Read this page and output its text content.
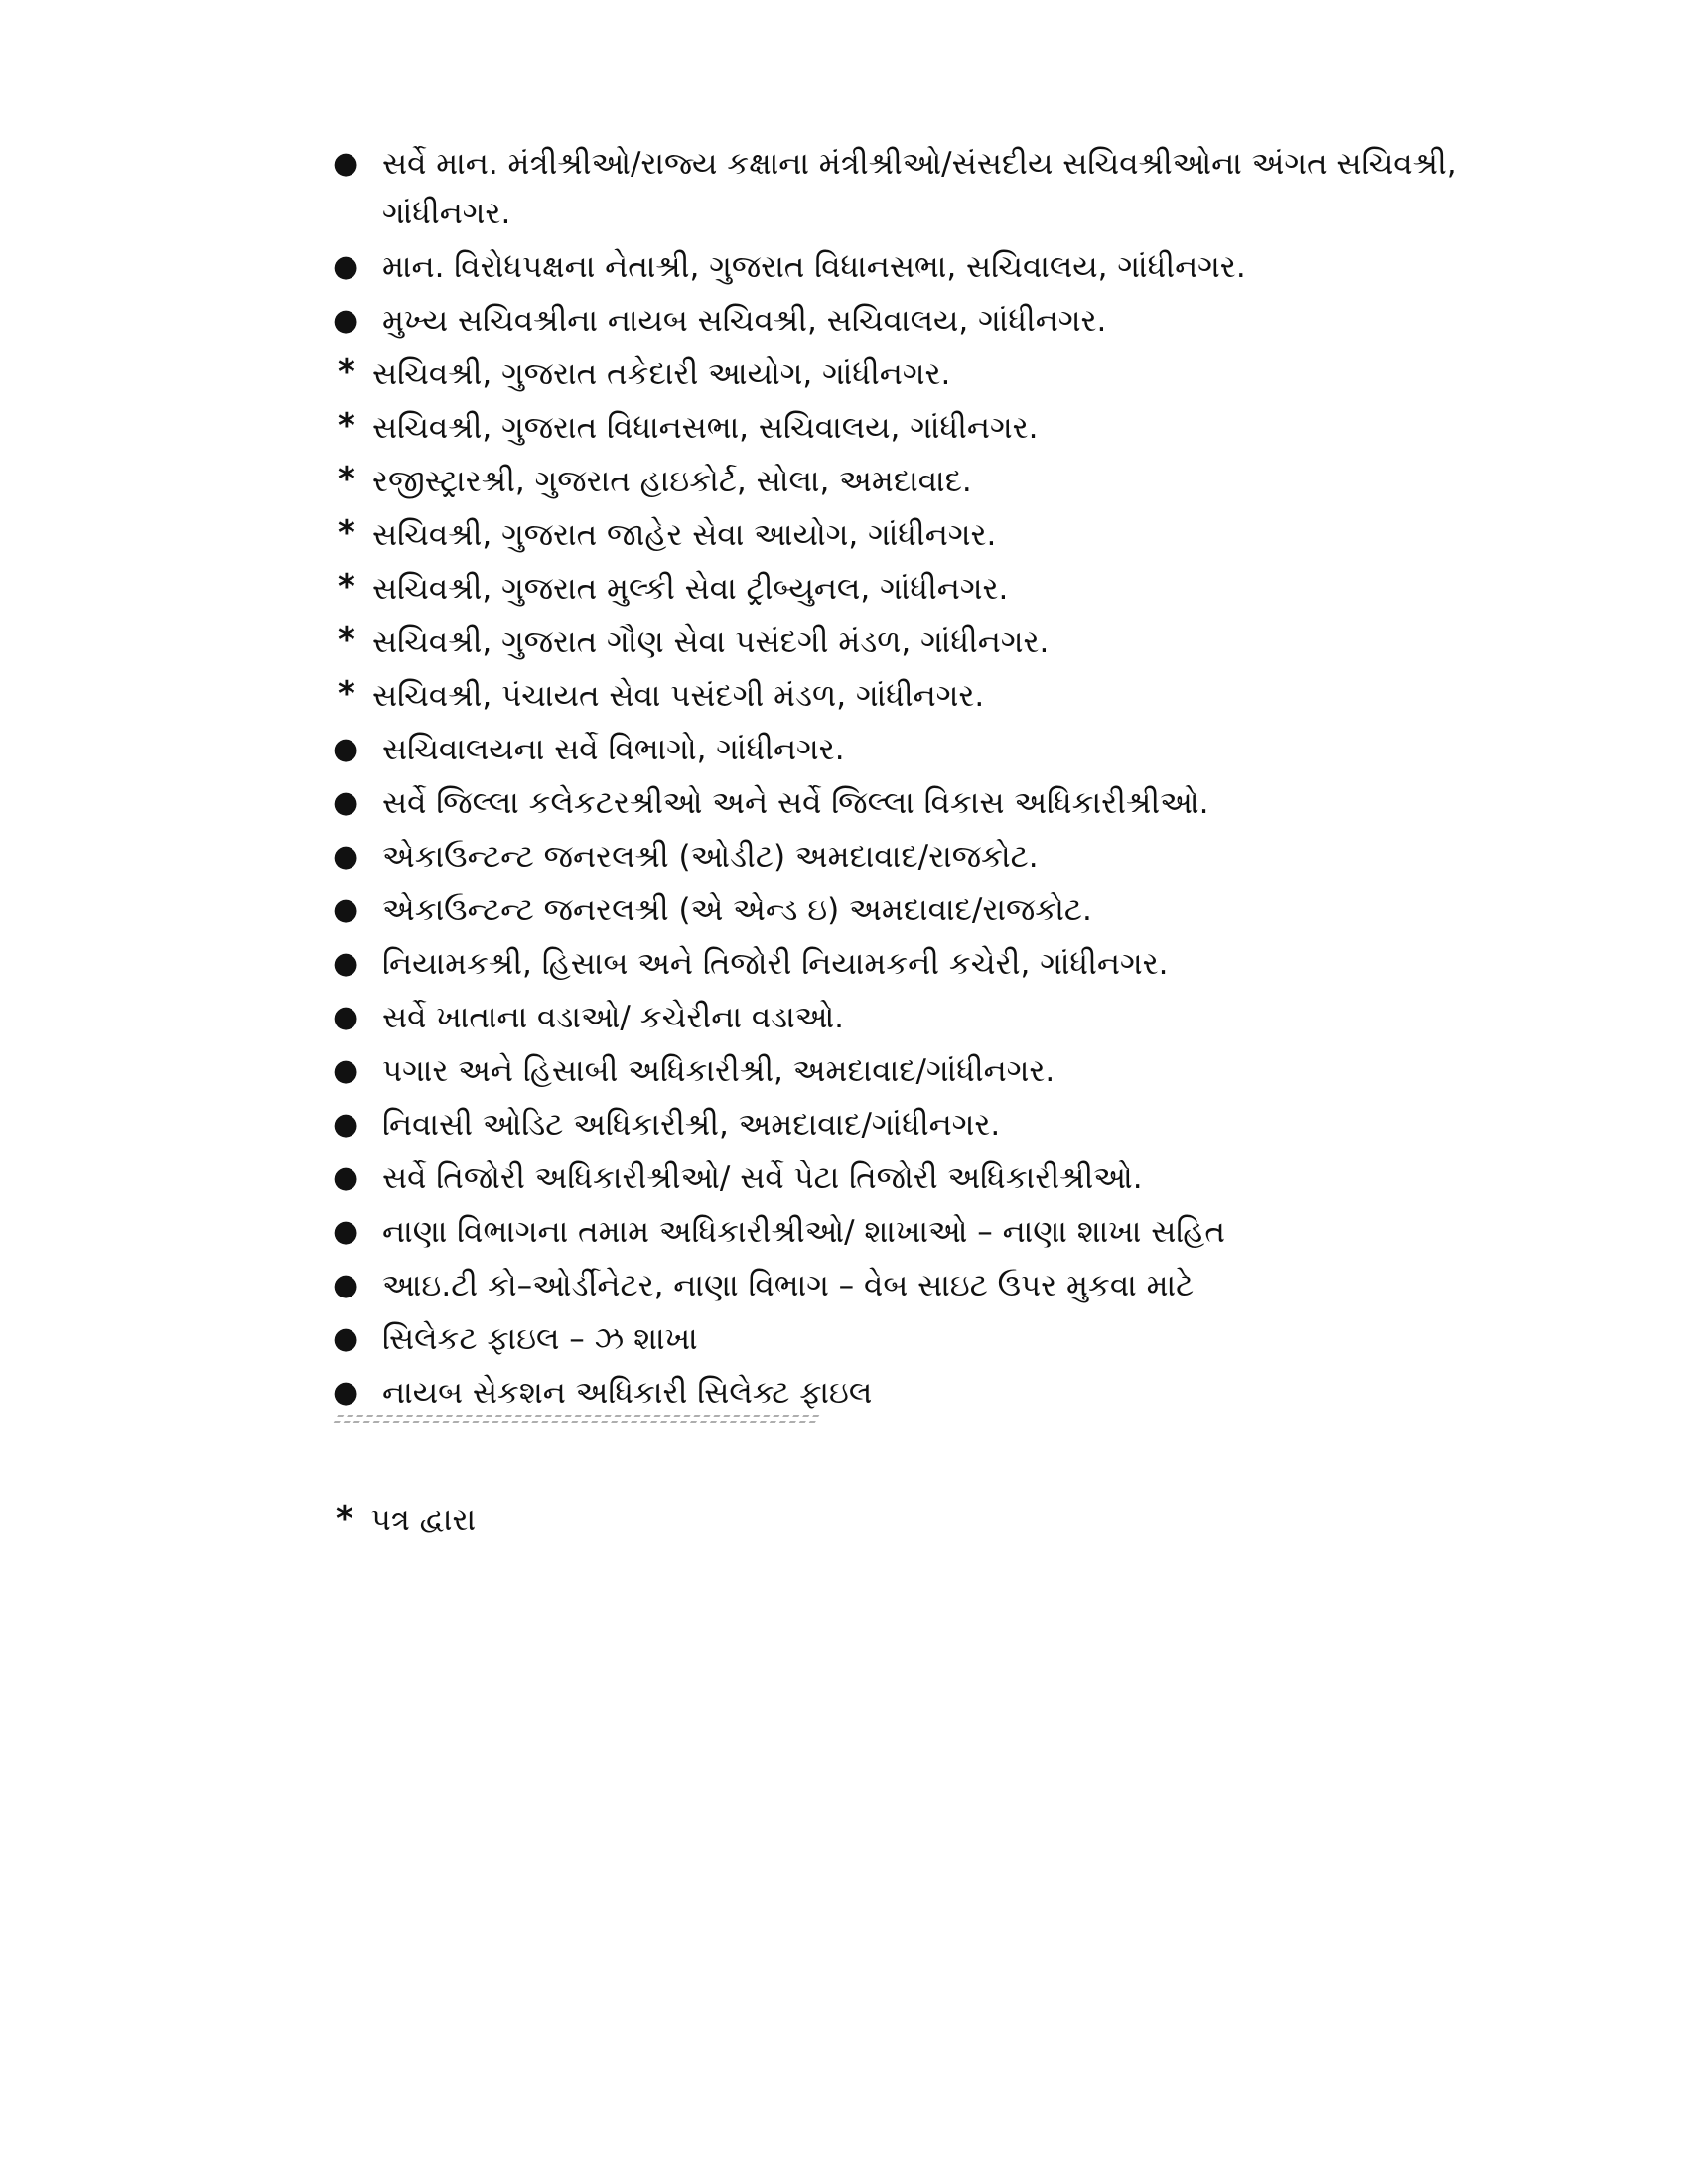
● સર્વે માન. મંત્રીશ્રીઓ/રાજ્ય કક્ષાના મંત્રીશ્રીઓ/સંસદીય સચિવશ્રીઓના અંગત સચિવશ્રી, ગાંધીનગર.
● માન. વિરોધપક્ષના નેતાશ્રી, ગુજરાત વિધાનસભા, સચિવાલય, ગાંધીનગર.
● મુખ્ય સચિવશ્રીના નાયબ સચિવશ્રી, સચિવાલય, ગાંધીનગર.
* સચિવશ્રી, ગુજરાત તકેદારી આયોગ, ગાંધીનગર.
* સચિવશ્રી, ગુજરાત વિધાનસભા, સચિવાલય, ગાંધીનગર.
* રજીસ્ટ્રારશ્રી, ગુજરાત હાઇકોર્ટ, સોલા, અમદાવાદ.
* સચિવશ્રી, ગુજરાત જાહેર સેવા આયોગ, ગાંધીનગર.
* સચિવશ્રી, ગુજરાત મુલ્કી સેવા ટ્રીબ્યુનલ, ગાંધીનગર.
* સચિવશ્રી, ગુજરાત ગૌણ સેવા પસંદગી મંડળ, ગાંધીનગર.
* સચિવશ્રી, પંચાયત સેવા પસંદગી મંડળ, ગાંધીનગર.
● સચિવાલયના સર્વે વિભાગો, ગાંધીનગર.
● સર્વે જિલ્લા કલેકટરશ્રીઓ અને સર્વે જિલ્લા વિકાસ અધિકારીશ્રીઓ.
● એકાઉન્ટન્ટ જનરલશ્રી (ઓડીટ) અમદાવાદ/રાજકોટ.
● એકાઉન્ટન્ટ જનરલશ્રી (એ એન્ડ ઇ) અમદાવાદ/રાજકોટ.
● નિયામકશ્રી, હિસાબ અને તિજોરી નિયામકની કચેરી, ગાંધીનગર.
● સર્વે ખાતાના વડાઓ/ કચેરીના વડાઓ.
● પગાર અને હિસાબી અધિકારીશ્રી, અમદાવાદ/ગાંધીનગર.
● નિવાસી ઓડિટ અધિકારીશ્રી, અમદાવાદ/ગાંધીનગર.
● સર્વે તિજોરી અધિકારીશ્રીઓ/ સર્વે પેટા તિજોરી અધિકારીશ્રીઓ.
● નાણા વિભાગના તમામ અધિકારીશ્રીઓ/ શાખાઓ – નાણા શાખા સહિત
● આઇ.ટી કો–ઓર્ડીનેટર, નાણા વિભાગ – વેબ સાઇટ ઉપર મુકવા માટે
● સિલેકટ ફાઇલ – ઝ શાખા
● નાયબ સેકશન અધિકારી સિલેક્ટ ફાઇલ
* પત્ર દ્વારા
